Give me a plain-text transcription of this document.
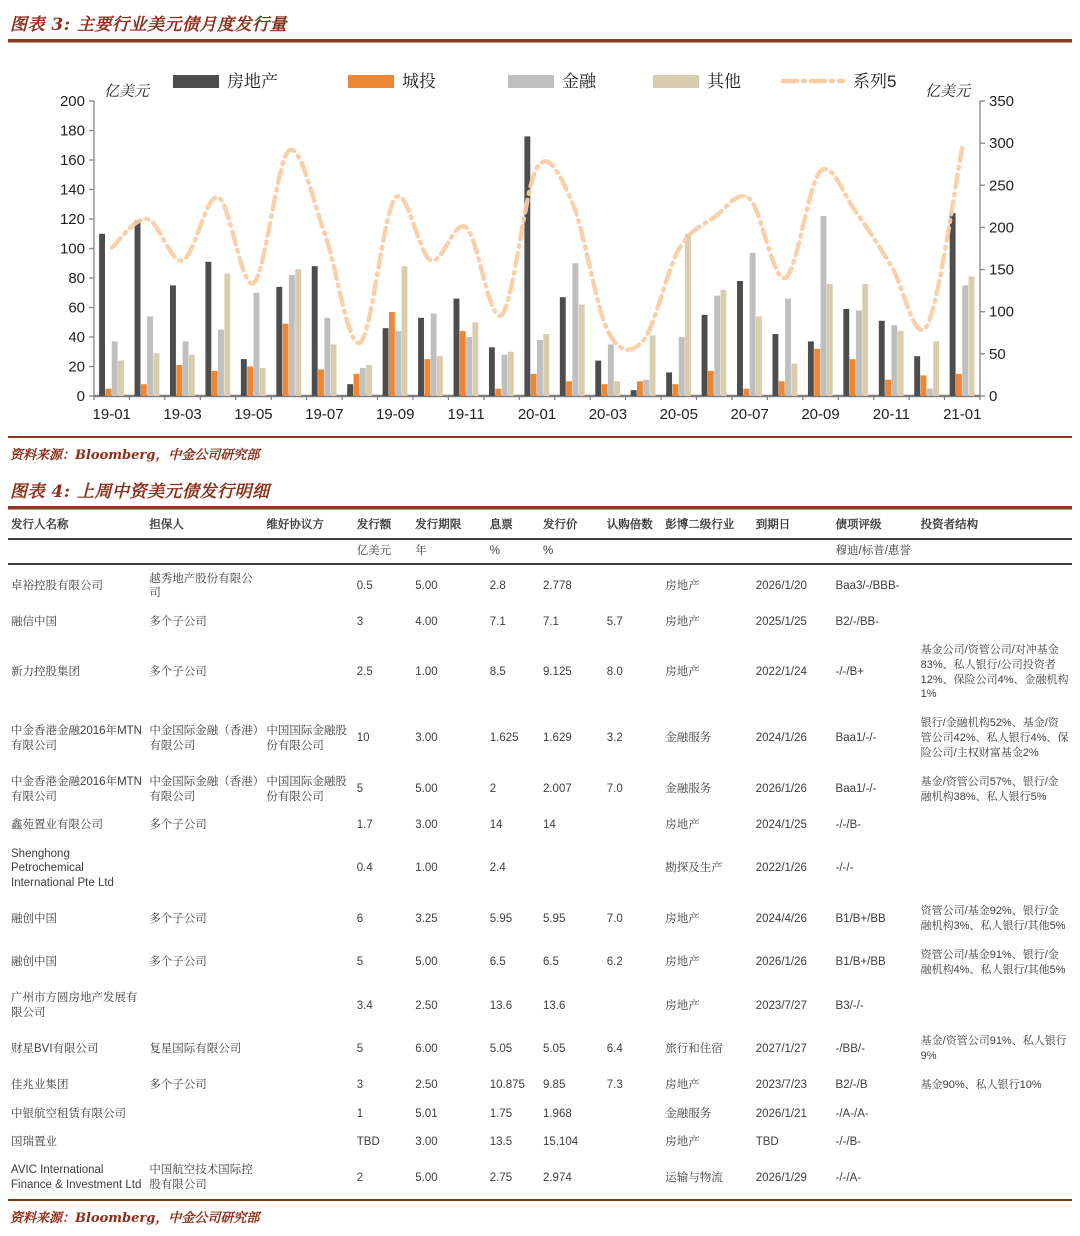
图表 3: 主要行业美元债月度发行量
0
20
40
60
80
100
120
140
160
180
200
0
50
100
150
200
250
300
350
19-01 19-03 19-05 19-07 19-09 19-11 20-01 20-03 20-05 20-07 20-09 20-11 21-01
亿美元	亿美元
房地产	城投	金融	其他	系列5
资料来源：Bloomberg，中金公司研究部
图表 4: 上周中资美元债发行明细
发行人名称	担保人	维好协议方	发行额	发行期限	息票	发行价	认购倍数	彭博二级行业	到期日	债项评级	投资者结构
			亿美元	年	%	%				穆迪/标普/惠誉	
卓裕控股有限公司	越秀地产股份有限公司		0.5	5.00	2.8	2.778		房地产	2026/1/20	Baa3/-/BBB-	
融信中国	多个子公司		3	4.00	7.1	7.1	5.7	房地产	2025/1/25	B2/-/BB-	
新力控股集团	多个子公司		2.5	1.00	8.5	9.125	8.0	房地产	2022/1/24	-/-/B+	基金公司/资管公司/对冲基金83%、私人银行/公司投资者12%、保险公司4%、金融机构1%
中金香港金融2016年MTN有限公司	中金国际金融（香港）有限公司	中国国际金融股份有限公司	10	3.00	1.625	1.629	3.2	金融服务	2024/1/26	Baa1/-/-	银行/金融机构52%、基金/资管公司42%、私人银行4%、保险公司/主权财富基金2%
中金香港金融2016年MTN有限公司	中金国际金融（香港）有限公司	中国国际金融股份有限公司	5	5.00	2	2.007	7.0	金融服务	2026/1/26	Baa1/-/-	基金/资管公司57%、银行/金融机构38%、私人银行5%
鑫苑置业有限公司	多个子公司		1.7	3.00	14	14		房地产	2024/1/25	-/-/B-	
Shenghong Petrochemical International Pte Ltd			0.4	1.00	2.4			勘探及生产	2022/1/26	-/-/-	
融创中国	多个子公司		6	3.25	5.95	5.95	7.0	房地产	2024/4/26	B1/B+/BB	资管公司/基金92%、银行/金融机构3%、私人银行/其他5%
融创中国	多个子公司		5	5.00	6.5	6.5	6.2	房地产	2026/1/26	B1/B+/BB	资管公司/基金91%、银行/金融机构4%、私人银行/其他5%
广州市方圆房地产发展有限公司			3.4	2.50	13.6	13.6		房地产	2023/7/27	B3/-/-	
财星BVI有限公司	复星国际有限公司		5	6.00	5.05	5.05	6.4	旅行和住宿	2027/1/27	-/BB/-	基金/资管公司91%、私人银行9%
佳兆业集团	多个子公司		3	2.50	10.875	9.85	7.3	房地产	2023/7/23	B2/-/B	基金90%、私人银行10%
中银航空租赁有限公司			1	5.01	1.75	1.968		金融服务	2026/1/21	-/A-/A-	
国瑞置业			TBD	3.00	13.5	15.104		房地产	TBD	-/-/B-	
AVIC International Finance & Investment Ltd	中国航空技术国际控股有限公司		2	5.00	2.75	2.974		运输与物流	2026/1/29	-/-/A-	
资料来源：Bloomberg，中金公司研究部
